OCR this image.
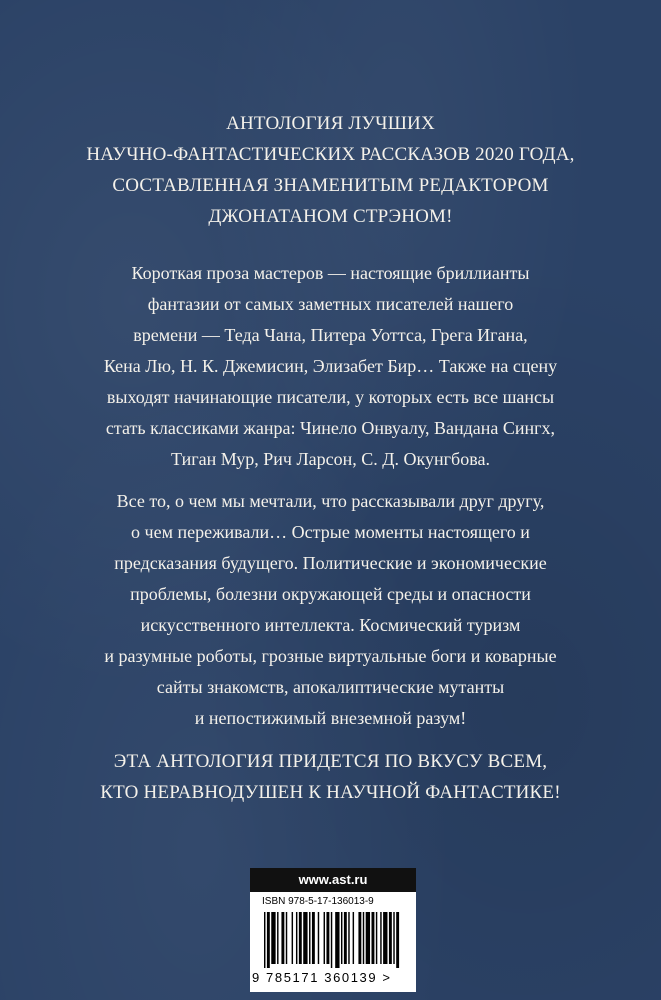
АНТОЛОГИЯ ЛУЧШИХ
НАУЧНО-ФАНТАСТИЧЕСКИХ РАССКАЗОВ 2020 ГОДА,
СОСТАВЛЕННАЯ ЗНАМЕНИТЫМ РЕДАКТОРОМ
ДЖОНАТАНОМ СТРЭНОМ!
Короткая проза мастеров — настоящие бриллианты
фантазии от самых заметных писателей нашего
времени — Теда Чана, Питера Уоттса, Грега Игана,
Кена Лю, Н. К. Джемисин, Элизабет Бир… Также на сцену
выходят начинающие писатели, у которых есть все шансы
стать классиками жанра: Чинело Онвуалу, Вандана Сингх,
Тиган Мур, Рич Ларсон, С. Д. Окунгбова.
Все то, о чем мы мечтали, что рассказывали друг другу,
о чем переживали… Острые моменты настоящего и
предсказания будущего. Политические и экономические
проблемы, болезни окружающей среды и опасности
искусственного интеллекта. Космический туризм
и разумные роботы, грозные виртуальные боги и коварные
сайты знакомств, апокалиптические мутанты
и непостижимый внеземной разум!
ЭТА АНТОЛОГИЯ ПРИДЕТСЯ ПО ВКУСУ ВСЕМ,
КТО НЕРАВНОДУШЕН К НАУЧНОЙ ФАНТАСТИКЕ!
www.ast.ru
ISBN 978-5-17-136013-9
9 785171 360139 >
